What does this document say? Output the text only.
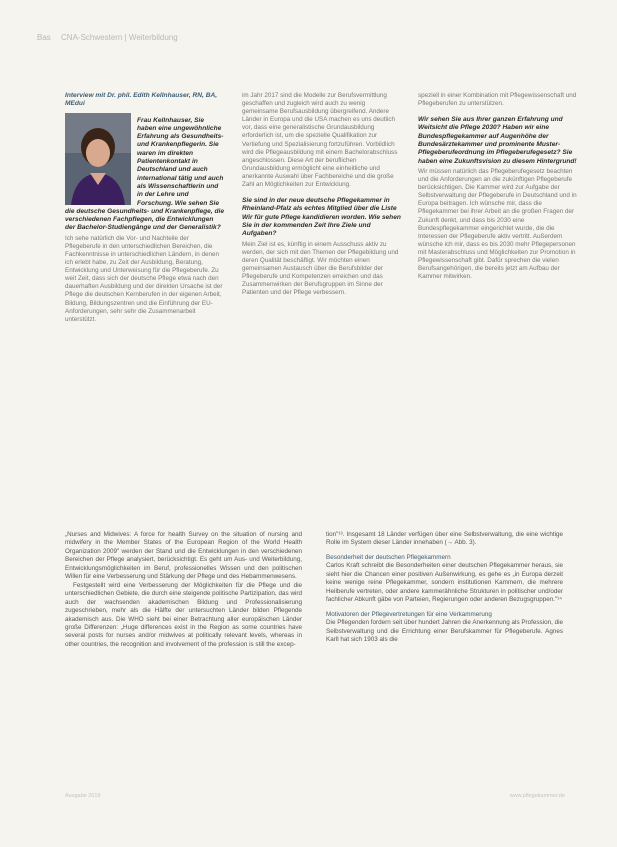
Bas CNA-Schwestern | Weiterbildung
Interview mit Dr. phil. Edith Kellnhauser, RN, BA, MEdui

Frau Kellnhauser, Sie haben eine ungewöhnliche Erfahrung als Gesundheits- und Krankenpflegerin. Sie waren im direkten Patientenkontakt in Deutschland und auch international tätig und auch als Wissenschaftlerin und in der Lehre und Forschung. Wie sehen Sie die deutsche Gesundheits- und Krankenpflege, die verschiedenen Fachpflegen, die Entwicklungen der Bachelor-Studiengänge und der Generalistik?

Ich sehe natürlich die Vor- und Nachteile der Pflegeberufe in den unterschiedlichen Bereichen, die Fachkenntnisse in unterschiedlichen Ländern, in denen ich erlebt habe, zu Zeit der Ausbildung, Beratung, Entwicklung und Unterweisung für die Pflegeberufe. Zu weit Zeit, dass sich der deutsche Pflege etwa nach den dauerhaften Ausbildung und der direkten Ursache ist der Pflege die deutschen Kernberufen in der eigenen Arbeit, Bildung, Bildungszentren und die Einführung der EU-Anforderungen, sehr sehr die Zusammenarbeit unterstützt.

im Jahr 2017 sind die Modelle zur Berufsvermittlung geschaffen und zugleich wird auch zu wenig gemeinsame Berufsausbildung übergreifend. Andere Länder in Europa und die USA machen es uns deutlich vor, dass eine generalistische Grundausbildung erforderlich ist, um die spezielle Qualifikation zur Vertiefung und Spezialisierung fortzuführen. Vorbildlich wird die Pflegeausbildung mit einem Bachelorabschluss angeschlossen. Diese Art der beruflichen Grundausbildung ermöglicht eine einheitliche und anerkannte Auswahl über Fachbereiche und die große Zahl an Möglichkeiten zur Entwicklung.

Sie sind in der neue deutsche Pflegekammer in Rheinland-Pfalz als echtes Mitglied über die Liste Wir für gute Pflege kandidieren worden. Wie sehen Sie in der kommenden Zeit Ihre Ziele und Aufgaben?

Mein Ziel ist es, künftig in einem Ausschuss aktiv zu werden, der sich mit den Themen der Pflegebildung und deren Qualität beschäftigt. Wir möchten einen gemeinsamen Austausch über die Berufsbilder der Pflegeberufe und Kompetenzen erreichen und das Zusammenwirken der Berufsgruppen im Sinne der Patienten und der Pflege verbessern.

speziell in einer Kombination mit Pflegewissenschaft und Pflegeberufen zu unterstützen.

Wir sehen Sie aus Ihrer ganzen Erfahrung und Weitsicht die Pflege 2030? Haben wir eine Bundespflegekammer auf Augenhöhe der Bundesärztekammer und prominente Muster-Pflegeberufeordnung im Pflegeberufegesetz? Sie haben eine Zukunftsvision zu diesem Hintergrund!

Wir müssen natürlich das Pflegeberufegesetz beachten und die Anforderungen an die zukünftigen Pflegeberufe berücksichtigen. Die Kammer wird zur Aufgabe der Selbstverwaltung der Pflegeberufe in Deutschland und in Europa beitragen. Ich wünsche mir, dass die Pflegekammer bei ihrer Arbeit an die großen Fragen der Zukunft denkt, und dass bis 2030 eine Bundespflegekammer eingerichtet wurde, die die Interessen der Pflegeberufe aktiv vertritt. Außerdem wünsche ich mir, dass es bis 2030 mehr Pflegepersonen mit Masterabschluss und Möglichkeiten zur Promotion in Pflegewissenschaft gibt. Dafür sprechen die vielen Berufsangehörigen, die bereits jetzt am Aufbau der Kammer mitwirken.

„Nurses and Midwives: A force for health Survey on the situation of nursing and midwifery in the Member States of the European Region of the World Health Organization 2009" werden der Stand und die Entwicklungen in den verschiedenen Bereichen der Pflege analysiert, berücksichtigt. Es geht um Aus- und Weiterbildung, Entwicklungsmöglichkeiten im Beruf, professionelles Wissen und den politischen Willen für eine Verbesserung und Stärkung der Pflege und des Hebammenwesens.

Festgestellt wird eine Verbesserung der Möglichkeiten für die Pflege und die unterschiedlichen Gebiete, die durch eine steigende politische Partizipation, das wird auch der wachsenden akademischen Bildung und Professionalisierung zugeschrieben, mehr als die Hälfte der untersuchten Länder bilden Pflegende akademisch aus. Die WHO sieht bei einer Betrachtung aller europäischen Länder große Differenzen: „Huge differences exist in the Region as some countries have several posts for nurses and/or midwives at politically relevant levels, whereas in other countries, the recognition and involvement of the profession is still the excep-

tion"¹³. Insgesamt 18 Länder verfügen über eine Selbstverwaltung, die eine wichtige Rolle im System dieser Länder innehaben (→ Abb. 3).

Besonderheit der deutschen Pflegekammern

Carlos Kraft schreibt die Besonderheiten einer deutschen Pflegekammer heraus, sie sieht hier die Chancen einer positiven Außenwirkung, es gehe es „in Europa derzeit keine wenige reine Pflegekammer, sondern institutionen Kammern, die mehrere Heilberufe vertreten, oder andere kammerähnliche Strukturen in politischer und/oder fachlicher Abkunft gäbe von Parteien, Regierungen oder anderen Bezugsgruppen."¹⁴

Motivatoren der Pflegevertretungen für eine Verkammerung

Die Pflegenden fordern seit über hundert Jahren die Anerkennung als Profession, die Selbstverwaltung und die Errichtung einer Berufskammer für Pflegeberufe. Agnes Karll hat sich 1903 als die

Ausgabe 2019	www.pflegekammer.de
